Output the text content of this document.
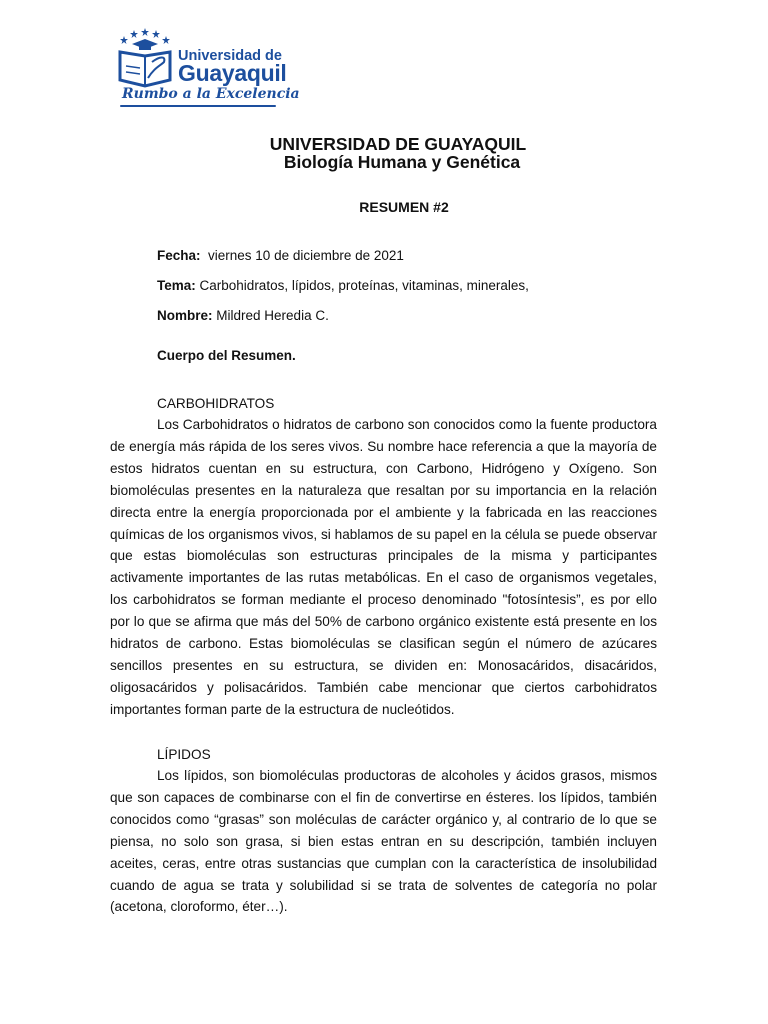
Universidad de
Guayaquil
Rumbo a la Excelencia
UNIVERSIDAD DE GUAYAQUIL
Biología Humana y Genética
RESUMEN #2
Fecha: viernes 10 de diciembre de 2021
Tema: Carbohidratos, lípidos, proteínas, vitaminas, minerales,
Nombre: Mildred Heredia C.
Cuerpo del Resumen.
CARBOHIDRATOS

Los Carbohidratos o hidratos de carbono son conocidos como la fuente productora de energía más rápida de los seres vivos. Su nombre hace referencia a que la mayoría de estos hidratos cuentan en su estructura, con Carbono, Hidrógeno y Oxígeno. Son biomoléculas presentes en la naturaleza que resaltan por su importancia en la relación directa entre la energía proporcionada por el ambiente y la fabricada en las reacciones químicas de los organismos vivos, si hablamos de su papel en la célula se puede observar que estas biomoléculas son estructuras principales de la misma y participantes activamente importantes de las rutas metabólicas. En el caso de organismos vegetales, los carbohidratos se forman mediante el proceso denominado "fotosíntesis”, es por ello por lo que se afirma que más del 50% de carbono orgánico existente está presente en los hidratos de carbono. Estas biomoléculas se clasifican según el número de azúcares sencillos presentes en su estructura, se dividen en: Monosacáridos, disacáridos, oligosacáridos y polisacáridos. También cabe mencionar que ciertos carbohidratos importantes forman parte de la estructura de nucleótidos.

LÍPIDOS

Los lípidos, son biomoléculas productoras de alcoholes y ácidos grasos, mismos que son capaces de combinarse con el fin de convertirse en ésteres. los lípidos, también conocidos como “grasas” son moléculas de carácter orgánico y, al contrario de lo que se piensa, no solo son grasa, si bien estas entran en su descripción, también incluyen aceites, ceras, entre otras sustancias que cumplan con la característica de insolubilidad cuando de agua se trata y solubilidad si se trata de solventes de categoría no polar (acetona, cloroformo, éter…).
